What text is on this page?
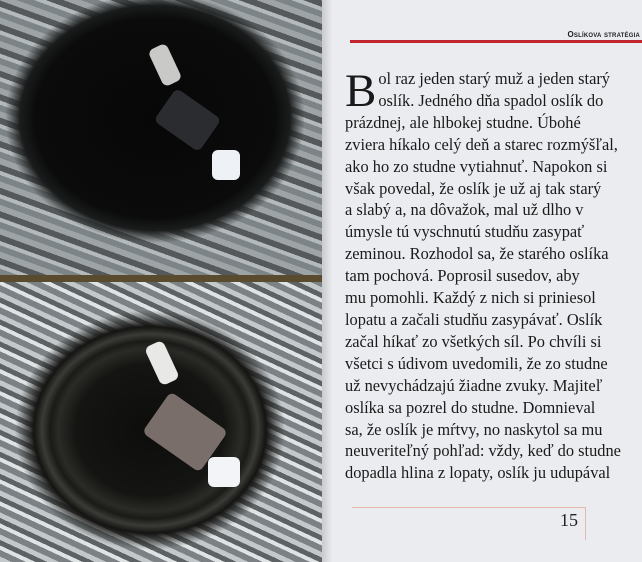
Oslíkova stratégia
B ol raz jeden starý muž a jeden starý
oslík. Jedného dňa spadol oslík do
prázdnej, ale hlbokej studne. Úbohé
zviera híkalo celý deň a starec rozmýšľal,
ako ho zo studne vytiahnuť. Napokon si
však povedal, že oslík je už aj tak starý
a slabý a, na dôvažok, mal už dlho v
úmysle tú vyschnutú studňu zasypať
zeminou. Rozhodol sa, že starého oslíka
tam pochová. Poprosil susedov, aby
mu pomohli. Každý z nich si priniesol
lopatu a začali studňu zasypávať. Oslík
začal híkať zo všetkých síl. Po chvíli si
všetci s údivom uvedomili, že zo studne
už nevychádzajú žiadne zvuky. Majiteľ
oslíka sa pozrel do studne. Domnieval
sa, že oslík je mŕtvy, no naskytol sa mu
neuveriteľný pohľad: vždy, keď do studne
dopadla hlina z lopaty, oslík ju udupával
15
